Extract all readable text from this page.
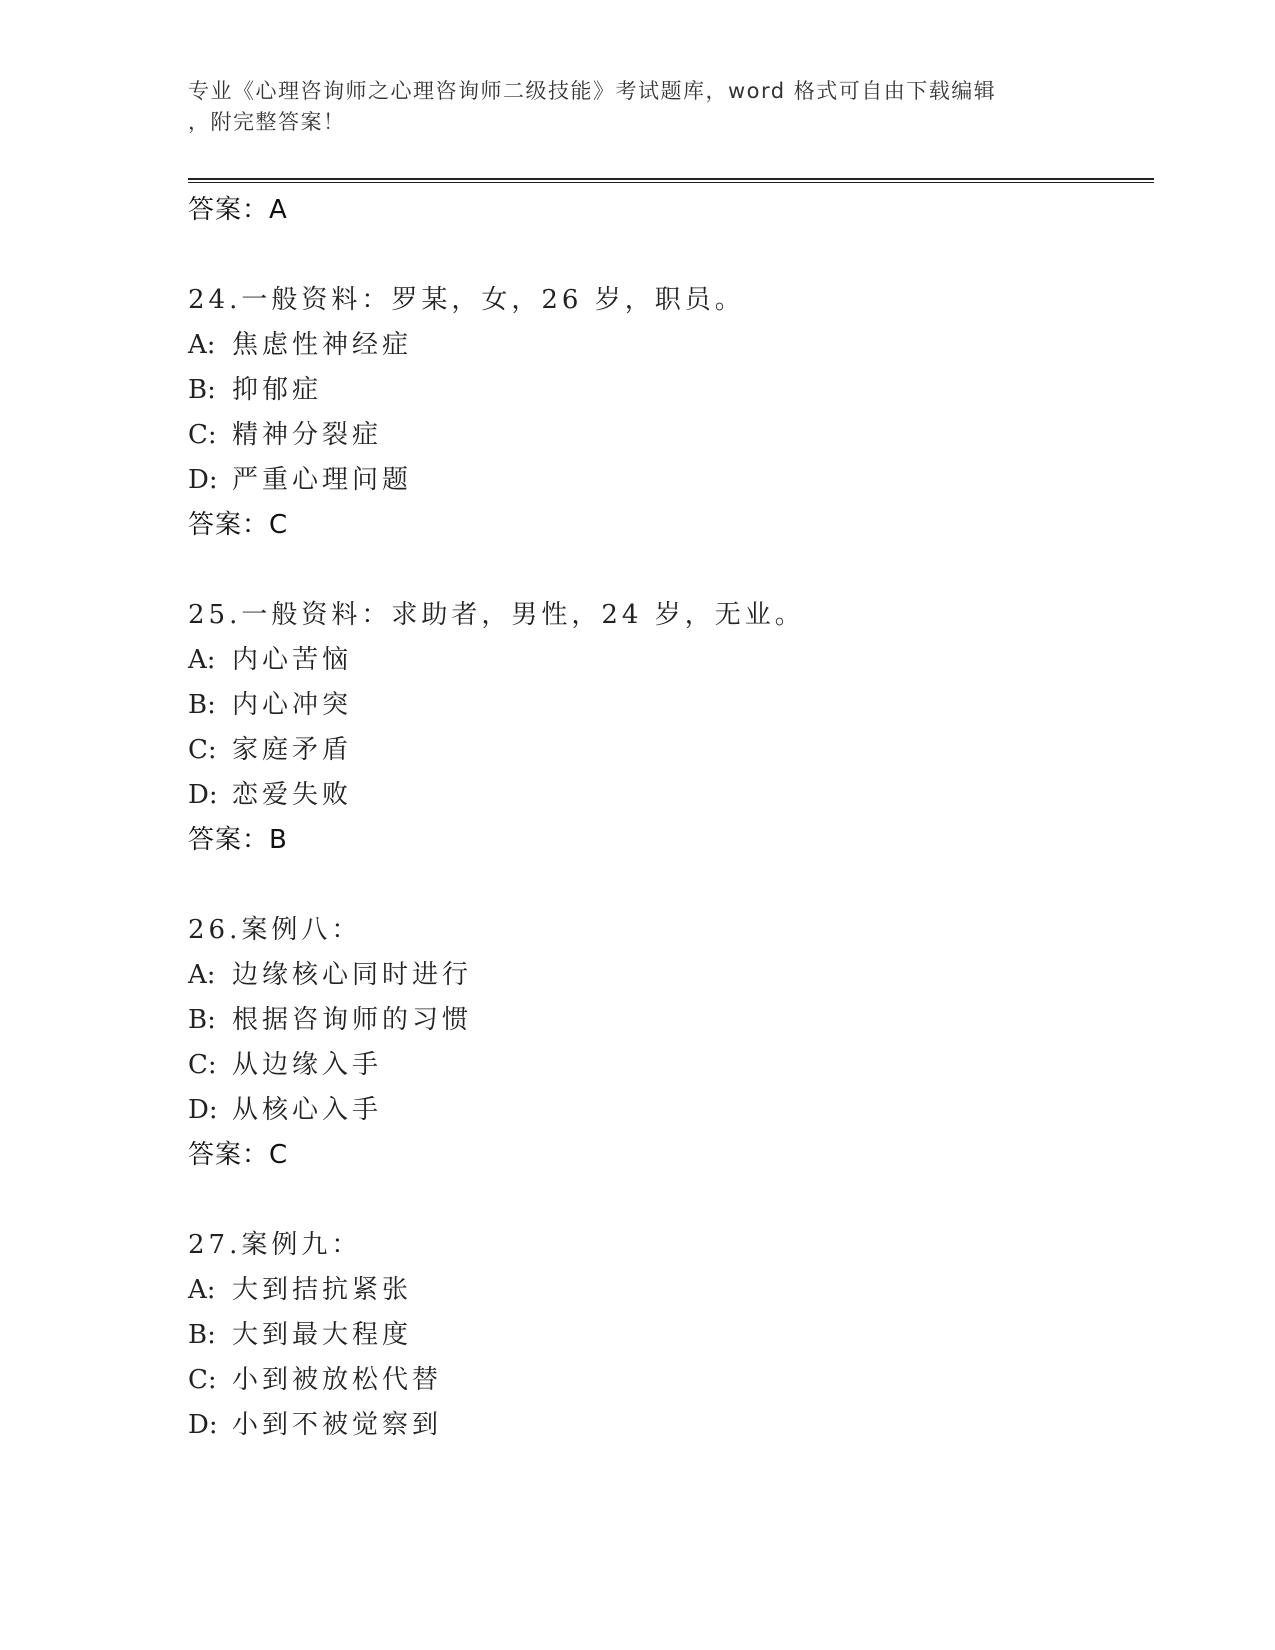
专业《心理咨询师之心理咨询师二级技能》考试题库，word 格式可自由下载编辑
，附完整答案！
答案：A
24.一般资料：罗某，女，26 岁，职员。
A: 焦虑性神经症
B: 抑郁症
C: 精神分裂症
D: 严重心理问题
答案：C
25.一般资料：求助者，男性，24 岁，无业。
A: 内心苦恼
B: 内心冲突
C: 家庭矛盾
D: 恋爱失败
答案：B
26.案例八：
A: 边缘核心同时进行
B: 根据咨询师的习惯
C: 从边缘入手
D: 从核心入手
答案：C
27.案例九：
A: 大到拮抗紧张
B: 大到最大程度
C: 小到被放松代替
D: 小到不被觉察到
